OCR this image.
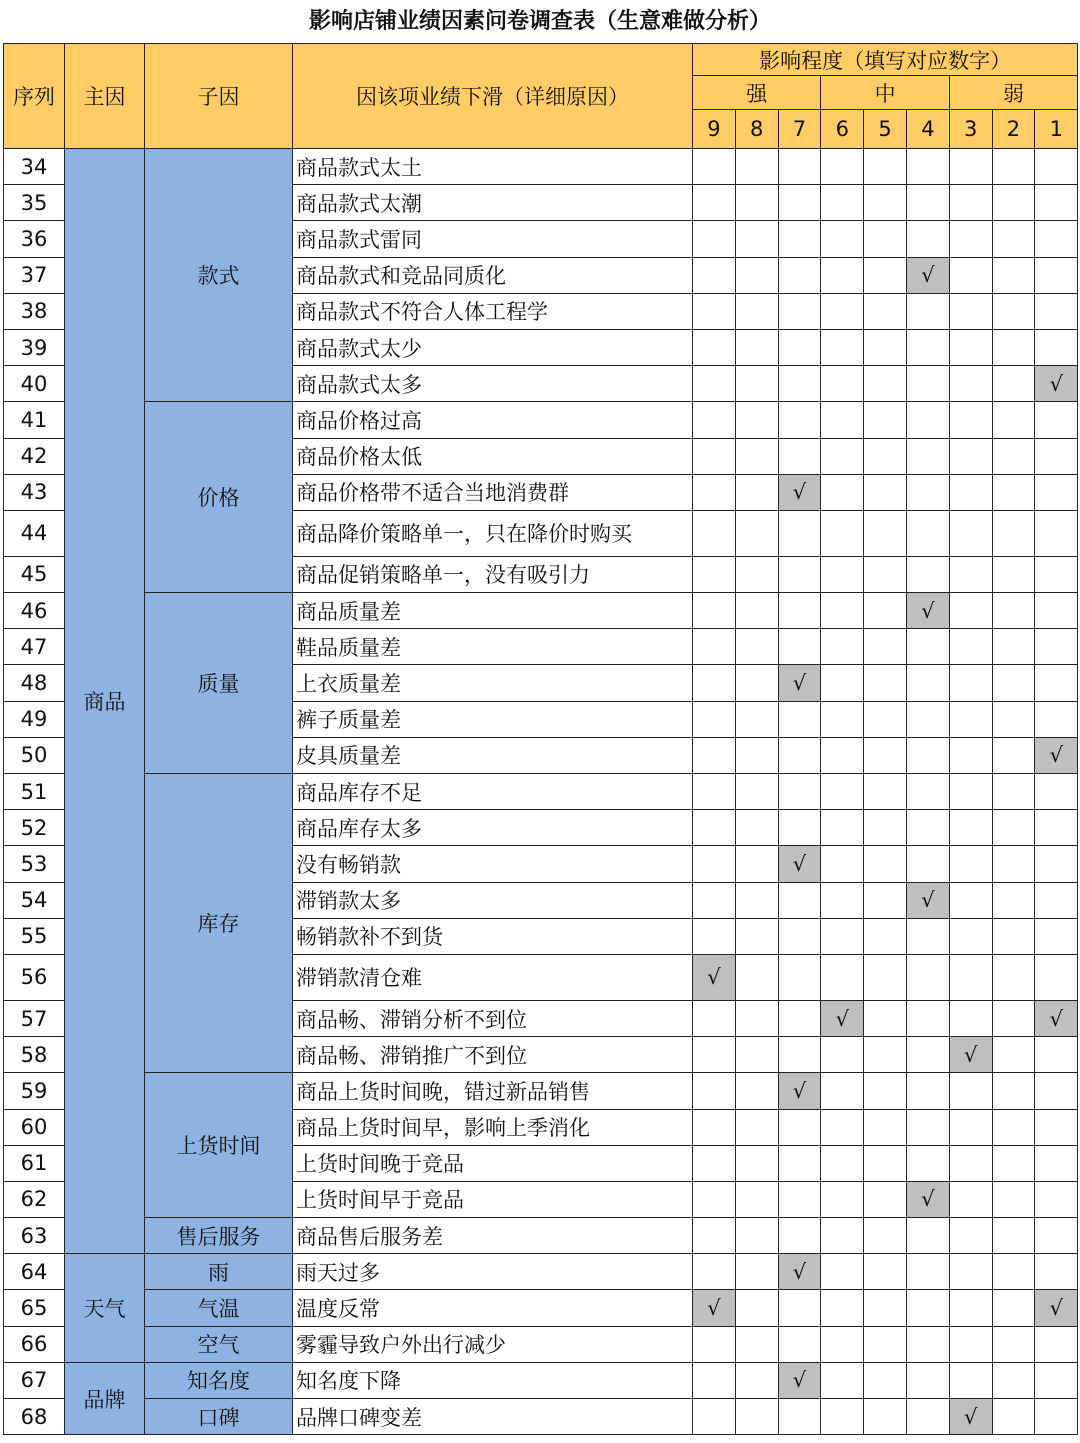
影响店铺业绩因素问卷调查表（生意难做分析）
序列	主因	子因	因该项业绩下滑（详细原因）	影响程度（填写对应数字）								
				强			中			弱		
				9	8	7	6	5	4	3	2	1
34	商品	款式	商品款式太土									
35			商品款式太潮									
36			商品款式雷同									
37			商品款式和竞品同质化						√			
38			商品款式不符合人体工程学									
39			商品款式太少									
40			商品款式太多									√
41		价格	商品价格过高									
42			商品价格太低									
43			商品价格带不适合当地消费群			√						
44			商品降价策略单一，只在降价时购买									
45			商品促销策略单一，没有吸引力									
46		质量	商品质量差						√			
47			鞋品质量差									
48			上衣质量差			√						
49			裤子质量差									
50			皮具质量差									√
51		库存	商品库存不足									
52			商品库存太多									
53			没有畅销款			√						
54			滞销款太多						√			
55			畅销款补不到货									
56			滞销款清仓难	√								
57			商品畅、滞销分析不到位				√					√
58			商品畅、滞销推广不到位							√		
59		上货时间	商品上货时间晚，错过新品销售			√						
60			商品上货时间早，影响上季消化									
61			上货时间晚于竞品									
62			上货时间早于竞品						√			
63		售后服务	商品售后服务差									
64	天气	雨	雨天过多			√						
65		气温	温度反常	√								√
66		空气	雾霾导致户外出行减少									
67	品牌	知名度	知名度下降			√						
68		口碑	品牌口碑变差							√		
